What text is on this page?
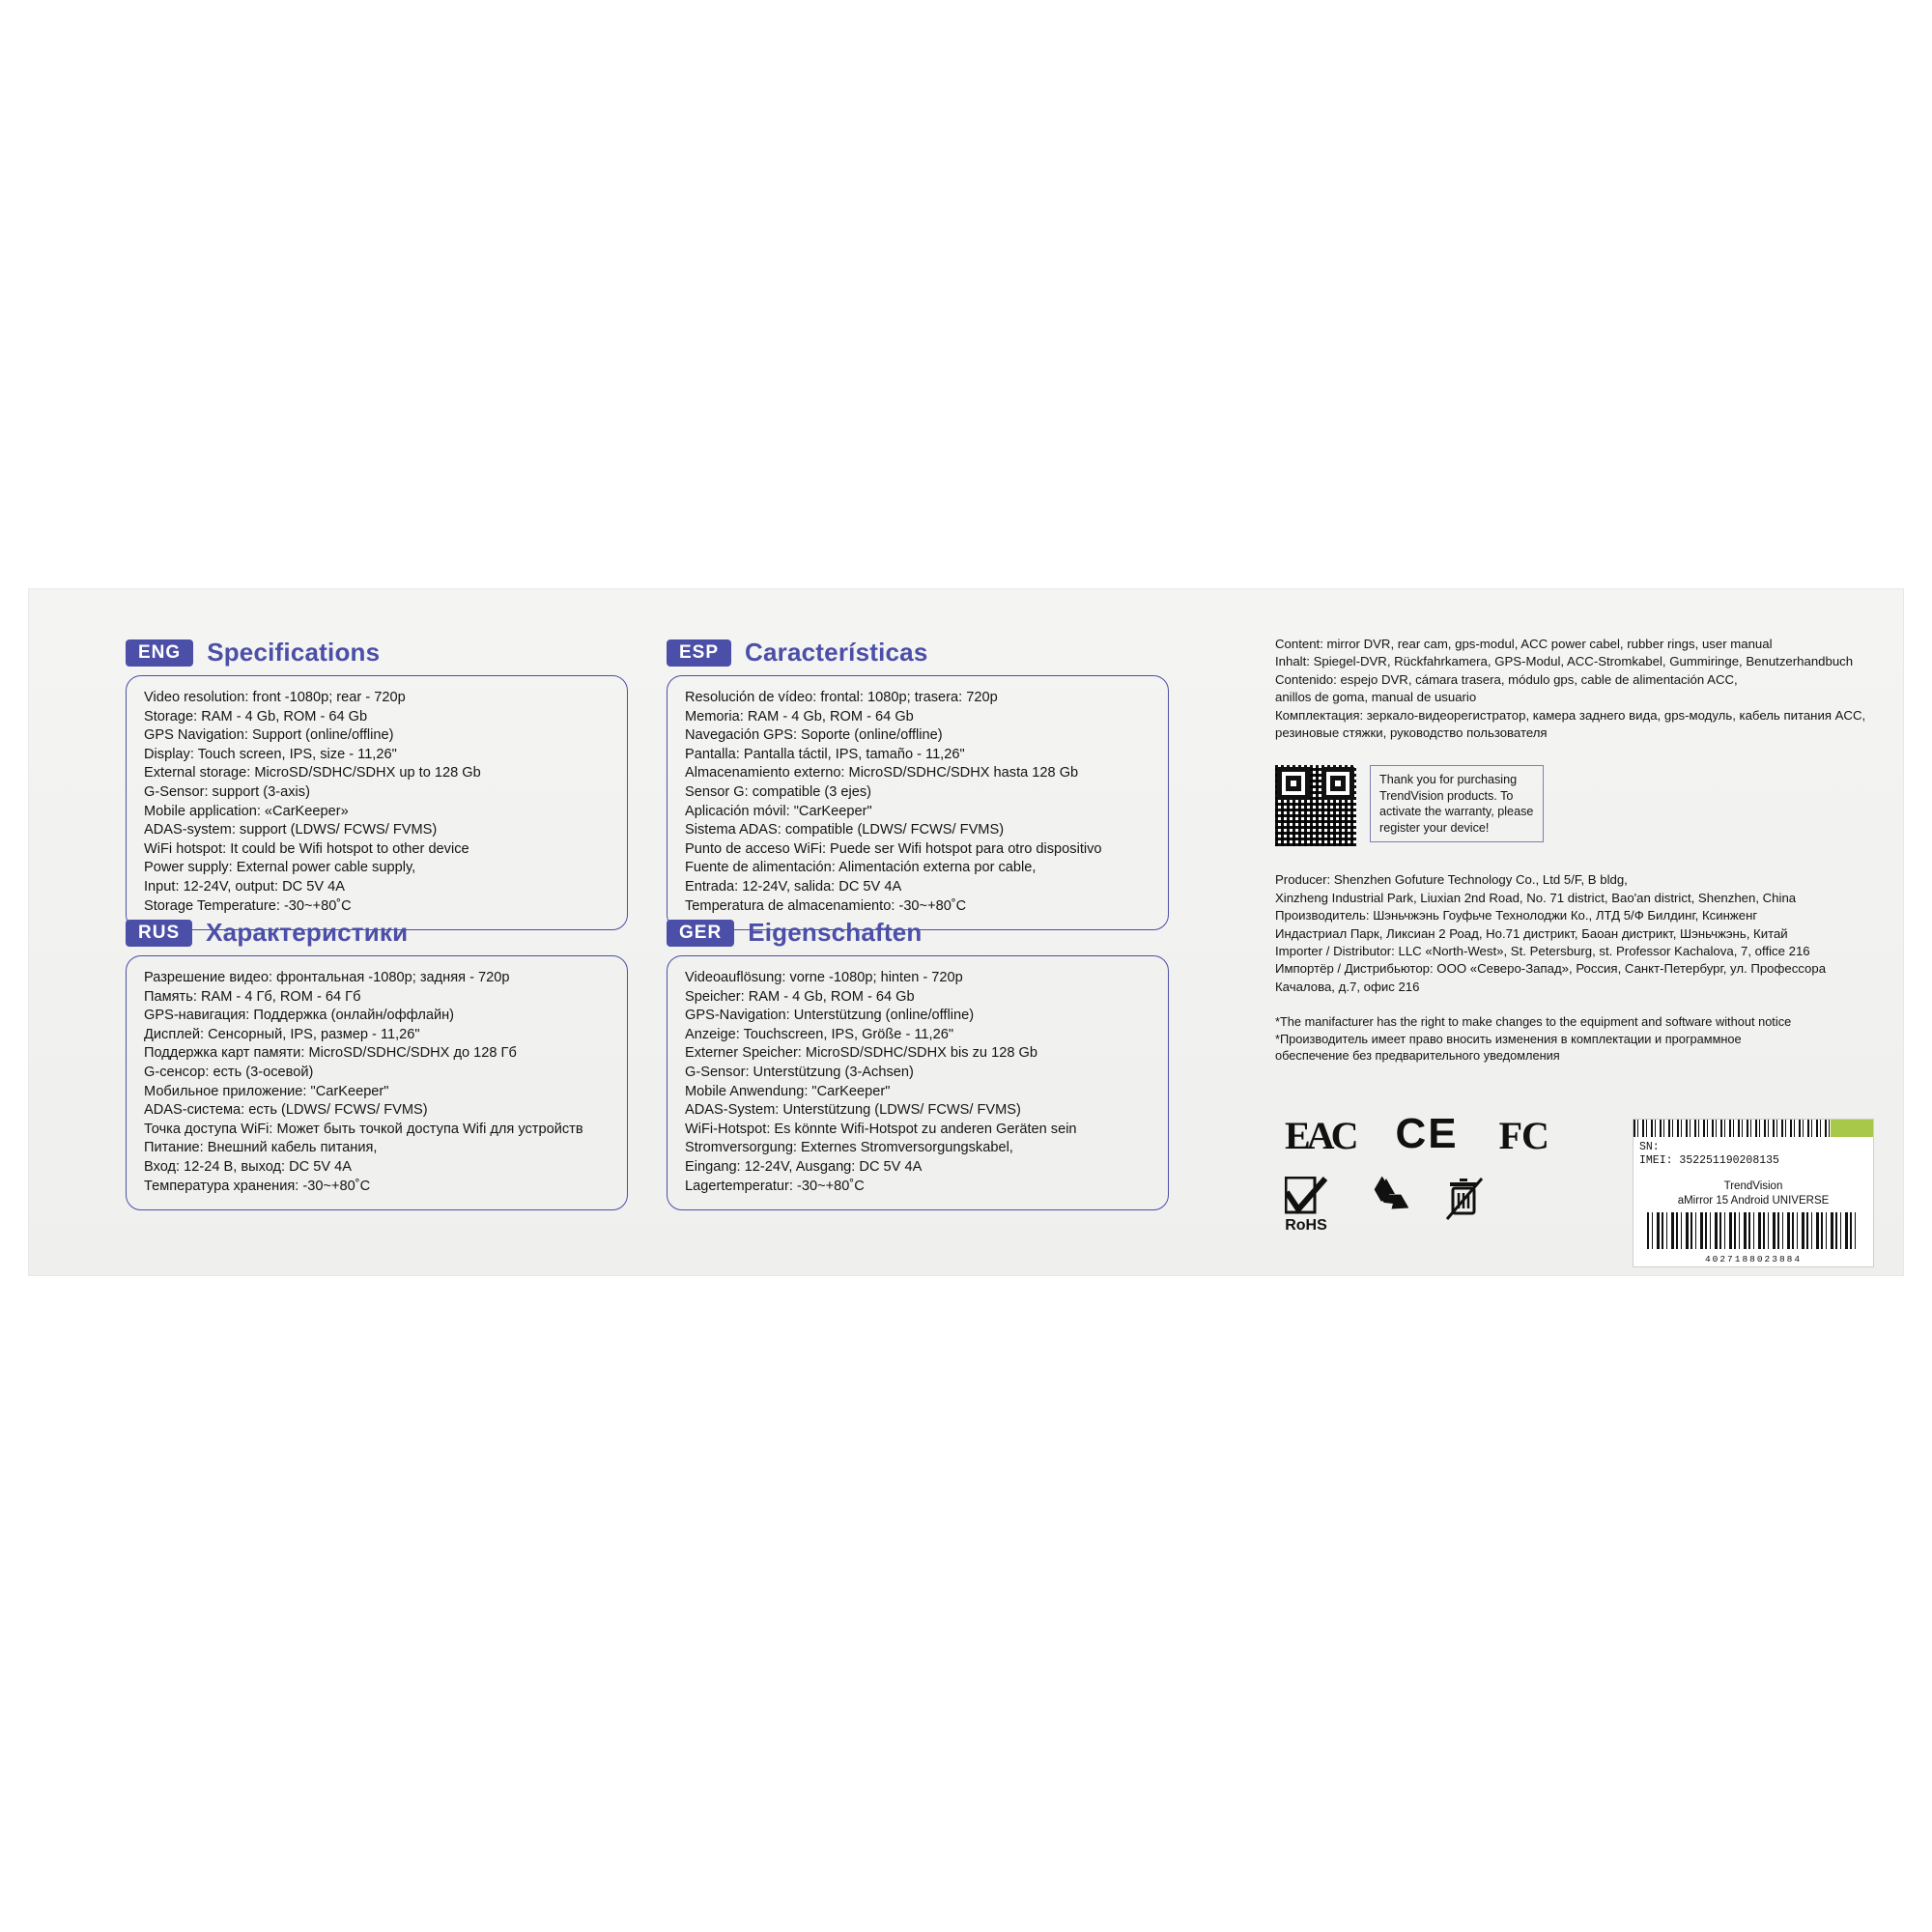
ENG	Specifications
Video resolution: front -1080p; rear - 720p
Storage: RAM - 4 Gb, ROM - 64 Gb
GPS Navigation: Support (online/offline)
Display: Touch screen, IPS, size - 11,26"
External storage: MicroSD/SDHC/SDHX up to 128 Gb
G-Sensor: support (3-axis)
Mobile application: «CarKeeper»
ADAS-system: support (LDWS/ FCWS/ FVMS)
WiFi hotspot: It could be Wifi hotspot to other device
Power supply: External power cable supply,
Input: 12-24V, output: DC 5V 4A
Storage Temperature: -30~+80˚C
ESP	Características
Resolución de vídeo: frontal: 1080p; trasera: 720p
Memoria: RAM - 4 Gb, ROM - 64 Gb
Navegación GPS: Soporte (online/offline)
Pantalla: Pantalla táctil, IPS, tamaño - 11,26"
Almacenamiento externo: MicroSD/SDHC/SDHX hasta 128 Gb
Sensor G: compatible (3 ejes)
Aplicación móvil: "CarKeeper"
Sistema ADAS: compatible (LDWS/ FCWS/ FVMS)
Punto de acceso WiFi: Puede ser Wifi hotspot para otro dispositivo
Fuente de alimentación: Alimentación externa por cable,
Entrada: 12-24V, salida: DC 5V 4A
Temperatura de almacenamiento: -30~+80˚C
RUS	Характеристики
Разрешение видео: фронтальная -1080p; задняя - 720p
Память: RAM - 4 Гб, ROM - 64 Гб
GPS-навигация: Поддержка (онлайн/оффлайн)
Дисплей: Сенсорный, IPS, размер - 11,26"
Поддержка карт памяти: MicroSD/SDHC/SDHX до 128 Гб
G-сенсор: есть (3-осевой)
Мобильное приложение: "CarKeeper"
ADAS-система: есть (LDWS/ FCWS/ FVMS)
Точка доступа WiFi: Может быть точкой доступа Wifi для устройств
Питание: Внешний кабель питания,
Вход: 12-24 В, выход: DC 5V 4A
Температура хранения: -30~+80˚C
GER	Eigenschaften
Videoauflösung: vorne -1080p; hinten - 720p
Speicher: RAM - 4 Gb, ROM - 64 Gb
GPS-Navigation: Unterstützung (online/offline)
Anzeige: Touchscreen, IPS, Größe - 11,26"
Externer Speicher: MicroSD/SDHC/SDHX bis zu 128 Gb
G-Sensor: Unterstützung (3-Achsen)
Mobile Anwendung: "CarKeeper"
ADAS-System: Unterstützung (LDWS/ FCWS/ FVMS)
WiFi-Hotspot: Es könnte Wifi-Hotspot zu anderen Geräten sein
Stromversorgung: Externes Stromversorgungskabel,
Eingang: 12-24V, Ausgang: DC 5V 4A
Lagertemperatur: -30~+80˚C

Content: mirror DVR, rear cam, gps-modul, ACC power cabel, rubber rings, user manual

Inhalt: Spiegel-DVR, Rückfahrkamera, GPS-Modul, ACC-Stromkabel, Gummiringe, Benutzerhandbuch

Contenido: espejo DVR, cámara trasera, módulo gps, cable de alimentación ACC,

anillos de goma, manual de usuario

Комплектация: зеркало-видеорегистратор, камера заднего вида, gps-модуль, кабель питания ACC,

резиновые стяжки, руководство пользователя

Thank you for purchasing TrendVision products. To activate the warranty, please register your device!

Producer: Shenzhen Gofuture Technology Co., Ltd 5/F, B bldg,

Xinzheng Industrial Park, Liuxian 2nd Road, No. 71 district, Bao'an district, Shenzhen, China

Производитель: Шэньчжэнь Гоуфьче Технолоджи Ко., ЛТД 5/Ф Билдинг, Ксинженг

Индастриал Парк, Ликсиан 2 Роад, Но.71 дистрикт, Баоан дистрикт, Шэньчжэнь, Китай

Importer / Distributor: LLC «North-West», St. Petersburg, st. Professor Kachalova, 7, office 216

Импортёр / Дистрибьютор: ООО «Северо-Запад», Россия, Санкт-Петербург, ул. Профессора

Качалова, д.7, офис 216

*The manifacturer has the right to make changes to the equipment and software without notice

*Производитель имеет право вносить изменения в комплектации и программное

обеспечение без предварительного уведомления

EAC CE FC
RoHS
SN:
IMEI: 352251190208135
TrendVision
aMirror 15 Android UNIVERSE
4027188023884
